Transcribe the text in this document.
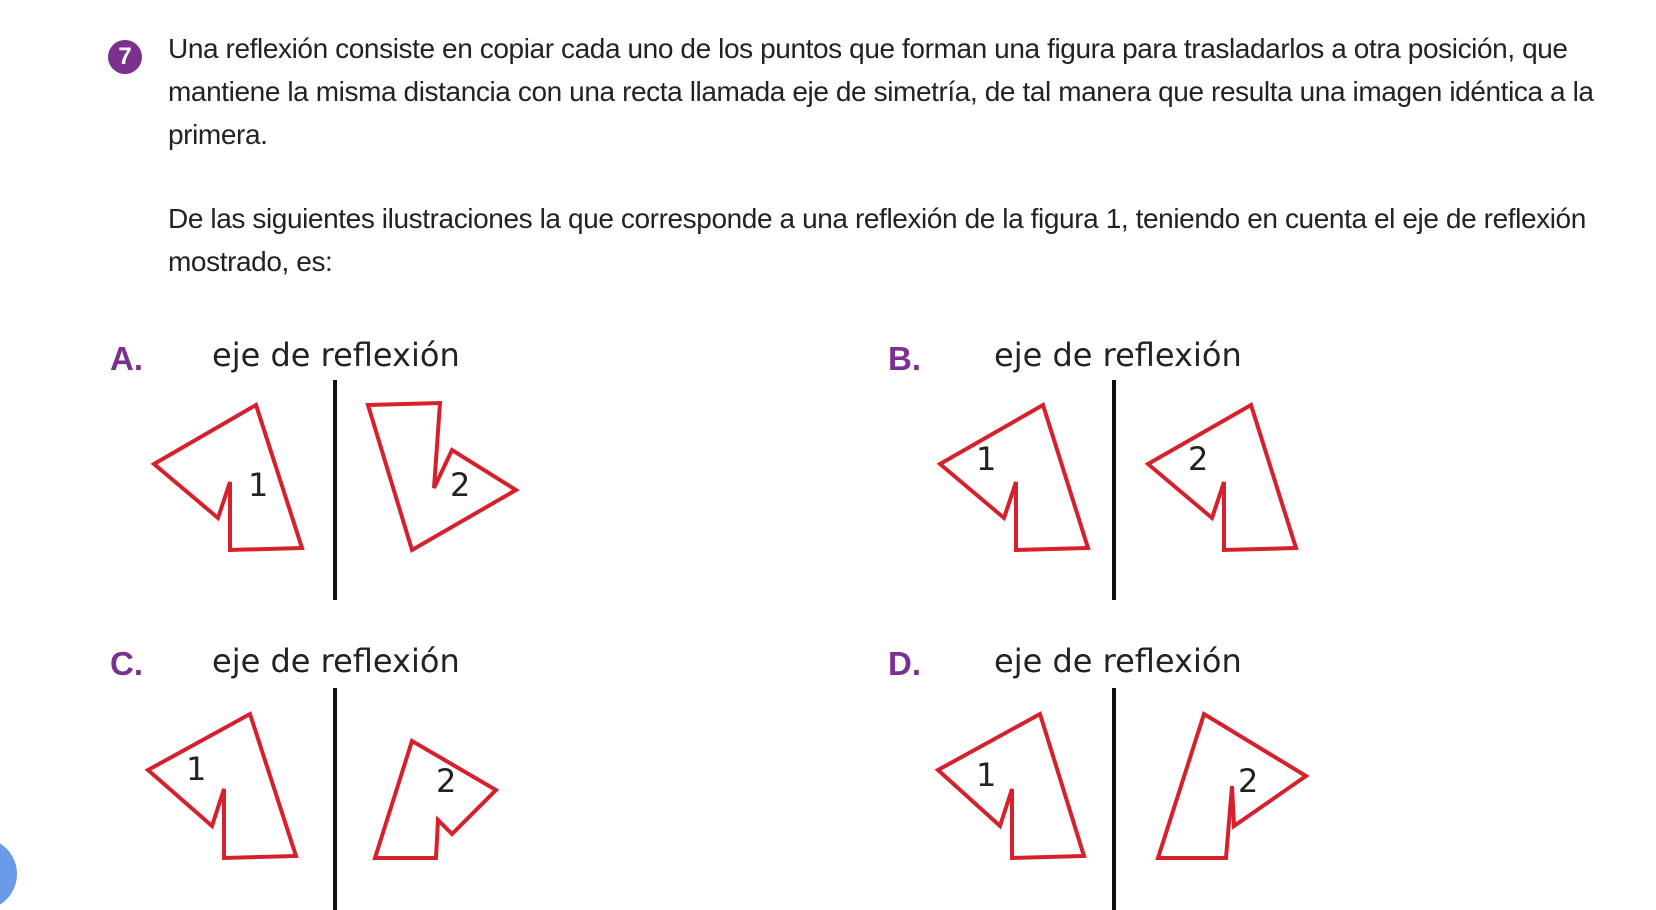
7	Una reflexión consiste en copiar cada uno de los puntos que forman una figura para trasladarlos a otra posición, que mantiene la misma distancia con una recta llamada eje de simetría, de tal manera que resulta una imagen idéntica a la primera.
De las siguientes ilustraciones la que corresponde a una reflexión de la figura 1, teniendo en cuenta el eje de reflexión mostrado, es:
A. eje de reflexión	B. eje de reflexión
C. eje de reflexión	D. eje de reflexión
1	2
1	2
1	2	1	2
